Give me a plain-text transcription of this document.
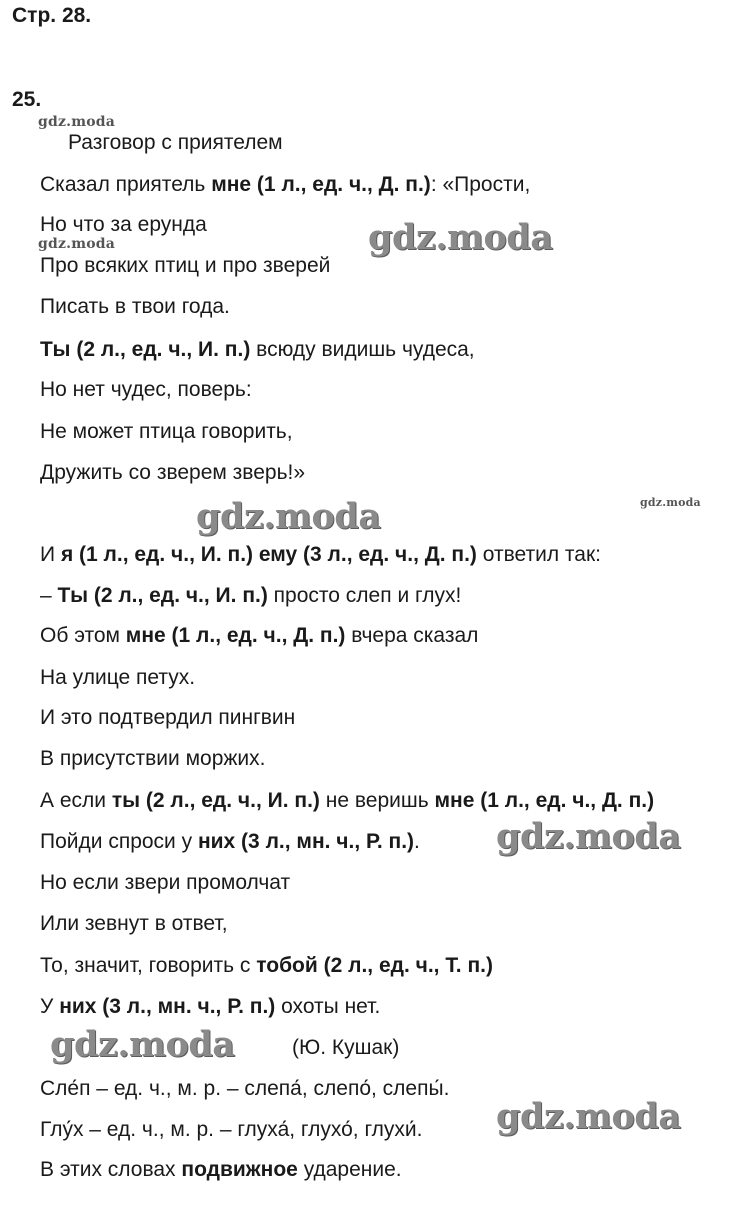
Стр. 28.
25.
gdz.moda
gdz.moda	gdz.moda
gdz.moda
gdz.moda
gdz.moda
gdz.moda
gdz.moda
Разговор с приятелем
Сказал приятель мне (1 л., ед. ч., Д. п.): «Прости,
Но что за ерунда
Про всяких птиц и про зверей
Писать в твои года.
Ты (2 л., ед. ч., И. п.) всюду видишь чудеса,
Но нет чудес, поверь:
Не может птица говорить,
Дружить со зверем зверь!»
И я (1 л., ед. ч., И. п.) ему (3 л., ед. ч., Д. п.) ответил так:
– Ты (2 л., ед. ч., И. п.) просто слеп и глух!
Об этом мне (1 л., ед. ч., Д. п.) вчера сказал
На улице петух.
И это подтвердил пингвин
В присутствии моржих.
А если ты (2 л., ед. ч., И. п.) не веришь мне (1 л., ед. ч., Д. п.)
Пойди спроси у них (3 л., мн. ч., Р. п.).
Но если звери промолчат
Или зевнут в ответ,
То, значит, говорить с тобой (2 л., ед. ч., Т. п.)
У них (3 л., мн. ч., Р. п.) охоты нет.
(Ю. Кушак)
Сле́п – ед. ч., м. р. – слепа́, слепо́, слепы́.
Глу́х – ед. ч., м. р. – глуха́, глухо́, глухи́.
В этих словах подвижное ударение.
